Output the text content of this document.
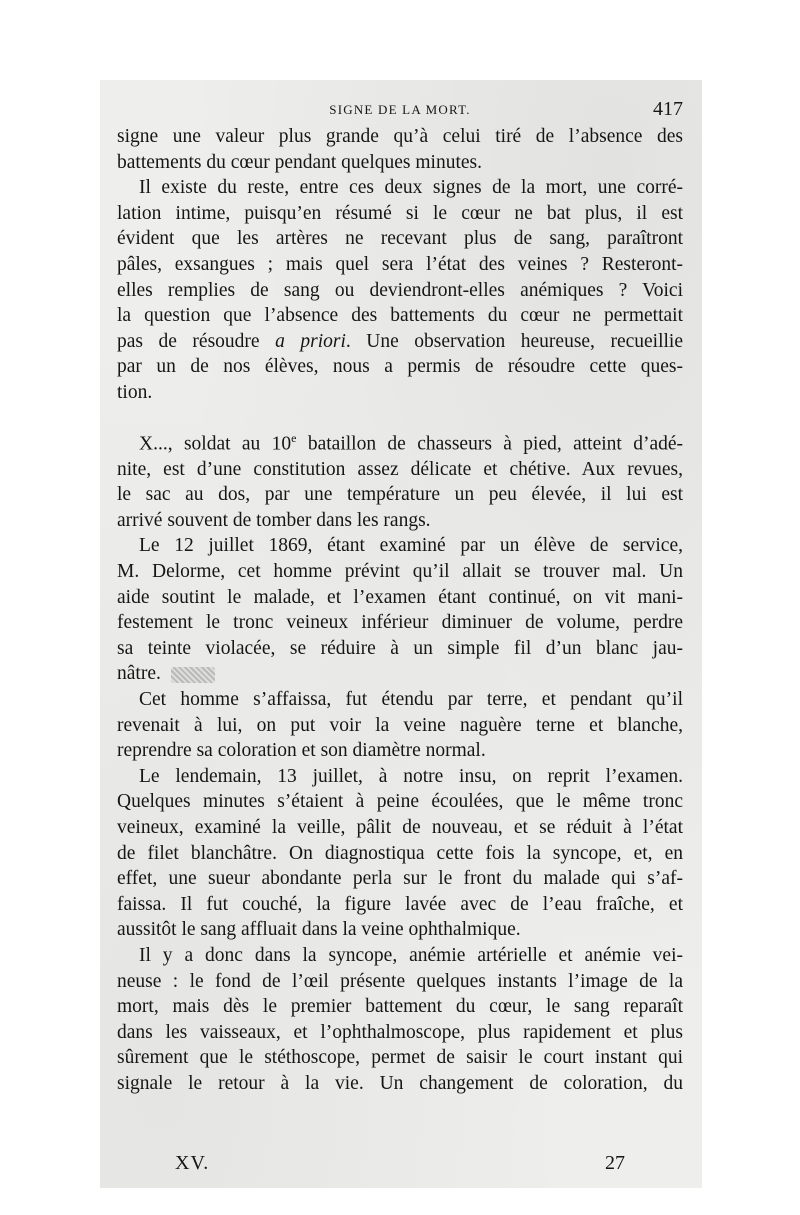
SIGNE DE LA MORT.	417
signe une valeur plus grande qu’à celui tiré de l’absence des
battements du cœur pendant quelques minutes.
Il existe du reste, entre ces deux signes de la mort, une corré-
lation intime, puisqu’en résumé si le cœur ne bat plus, il est
évident que les artères ne recevant plus de sang, paraîtront
pâles, exsangues ; mais quel sera l’état des veines ? Resteront-
elles remplies de sang ou deviendront-elles anémiques ? Voici
la question que l’absence des battements du cœur ne permettait
pas de résoudre a priori. Une observation heureuse, recueillie
par un de nos élèves, nous a permis de résoudre cette ques-
tion.
X..., soldat au 10e bataillon de chasseurs à pied, atteint d’adé-
nite, est d’une constitution assez délicate et chétive. Aux revues,
le sac au dos, par une température un peu élevée, il lui est
arrivé souvent de tomber dans les rangs.
Le 12 juillet 1869, étant examiné par un élève de service,
M. Delorme, cet homme prévint qu’il allait se trouver mal. Un
aide soutint le malade, et l’examen étant continué, on vit mani-
festement le tronc veineux inférieur diminuer de volume, perdre
sa teinte violacée, se réduire à un simple fil d’un blanc jau-
nâtre.
Cet homme s’affaissa, fut étendu par terre, et pendant qu’il
revenait à lui, on put voir la veine naguère terne et blanche,
reprendre sa coloration et son diamètre normal.
Le lendemain, 13 juillet, à notre insu, on reprit l’examen.
Quelques minutes s’étaient à peine écoulées, que le même tronc
veineux, examiné la veille, pâlit de nouveau, et se réduit à l’état
de filet blanchâtre. On diagnostiqua cette fois la syncope, et, en
effet, une sueur abondante perla sur le front du malade qui s’af-
faissa. Il fut couché, la figure lavée avec de l’eau fraîche, et
aussitôt le sang affluait dans la veine ophthalmique.
Il y a donc dans la syncope, anémie artérielle et anémie vei-
neuse : le fond de l’œil présente quelques instants l’image de la
mort, mais dès le premier battement du cœur, le sang reparaît
dans les vaisseaux, et l’ophthalmoscope, plus rapidement et plus
sûrement que le stéthoscope, permet de saisir le court instant qui
signale le retour à la vie. Un changement de coloration, du
XV.	27
